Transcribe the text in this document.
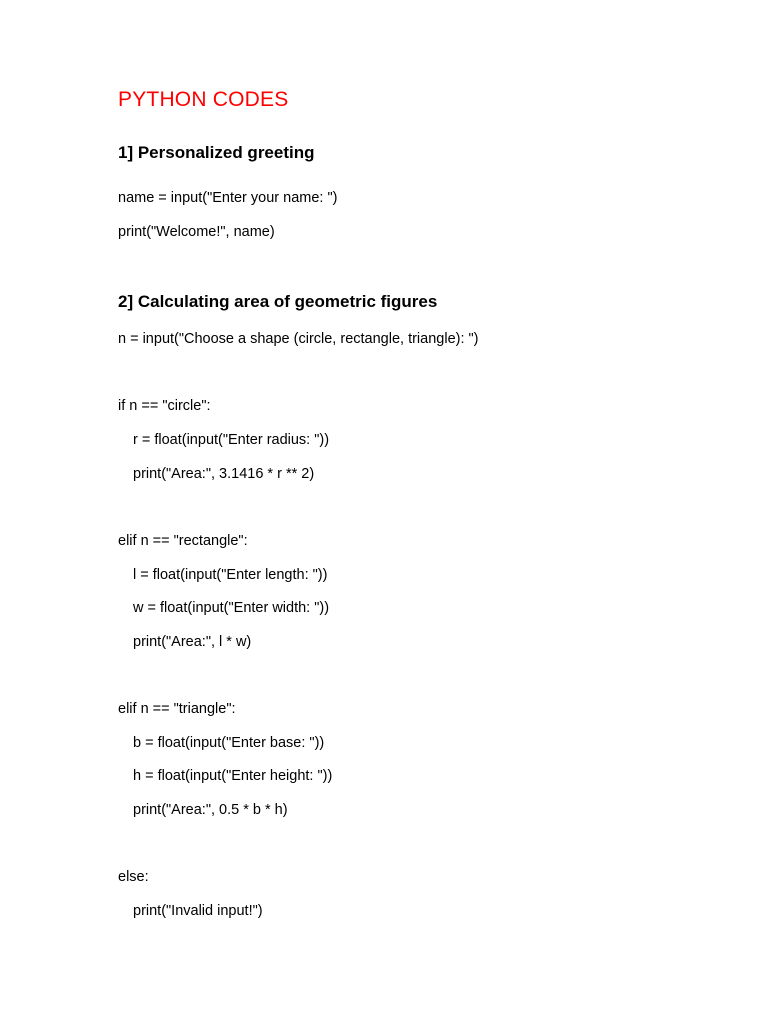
PYTHON CODES
1] Personalized greeting
name = input("Enter your name: ")
print("Welcome!", name)
2] Calculating area of geometric figures
n = input("Choose a shape (circle, rectangle, triangle): ")
if n == "circle":
r = float(input("Enter radius: "))
print("Area:", 3.1416 * r ** 2)
elif n == "rectangle":
l = float(input("Enter length: "))
w = float(input("Enter width: "))
print("Area:", l * w)
elif n == "triangle":
b = float(input("Enter base: "))
h = float(input("Enter height: "))
print("Area:", 0.5 * b * h)
else:
print("Invalid input!")
